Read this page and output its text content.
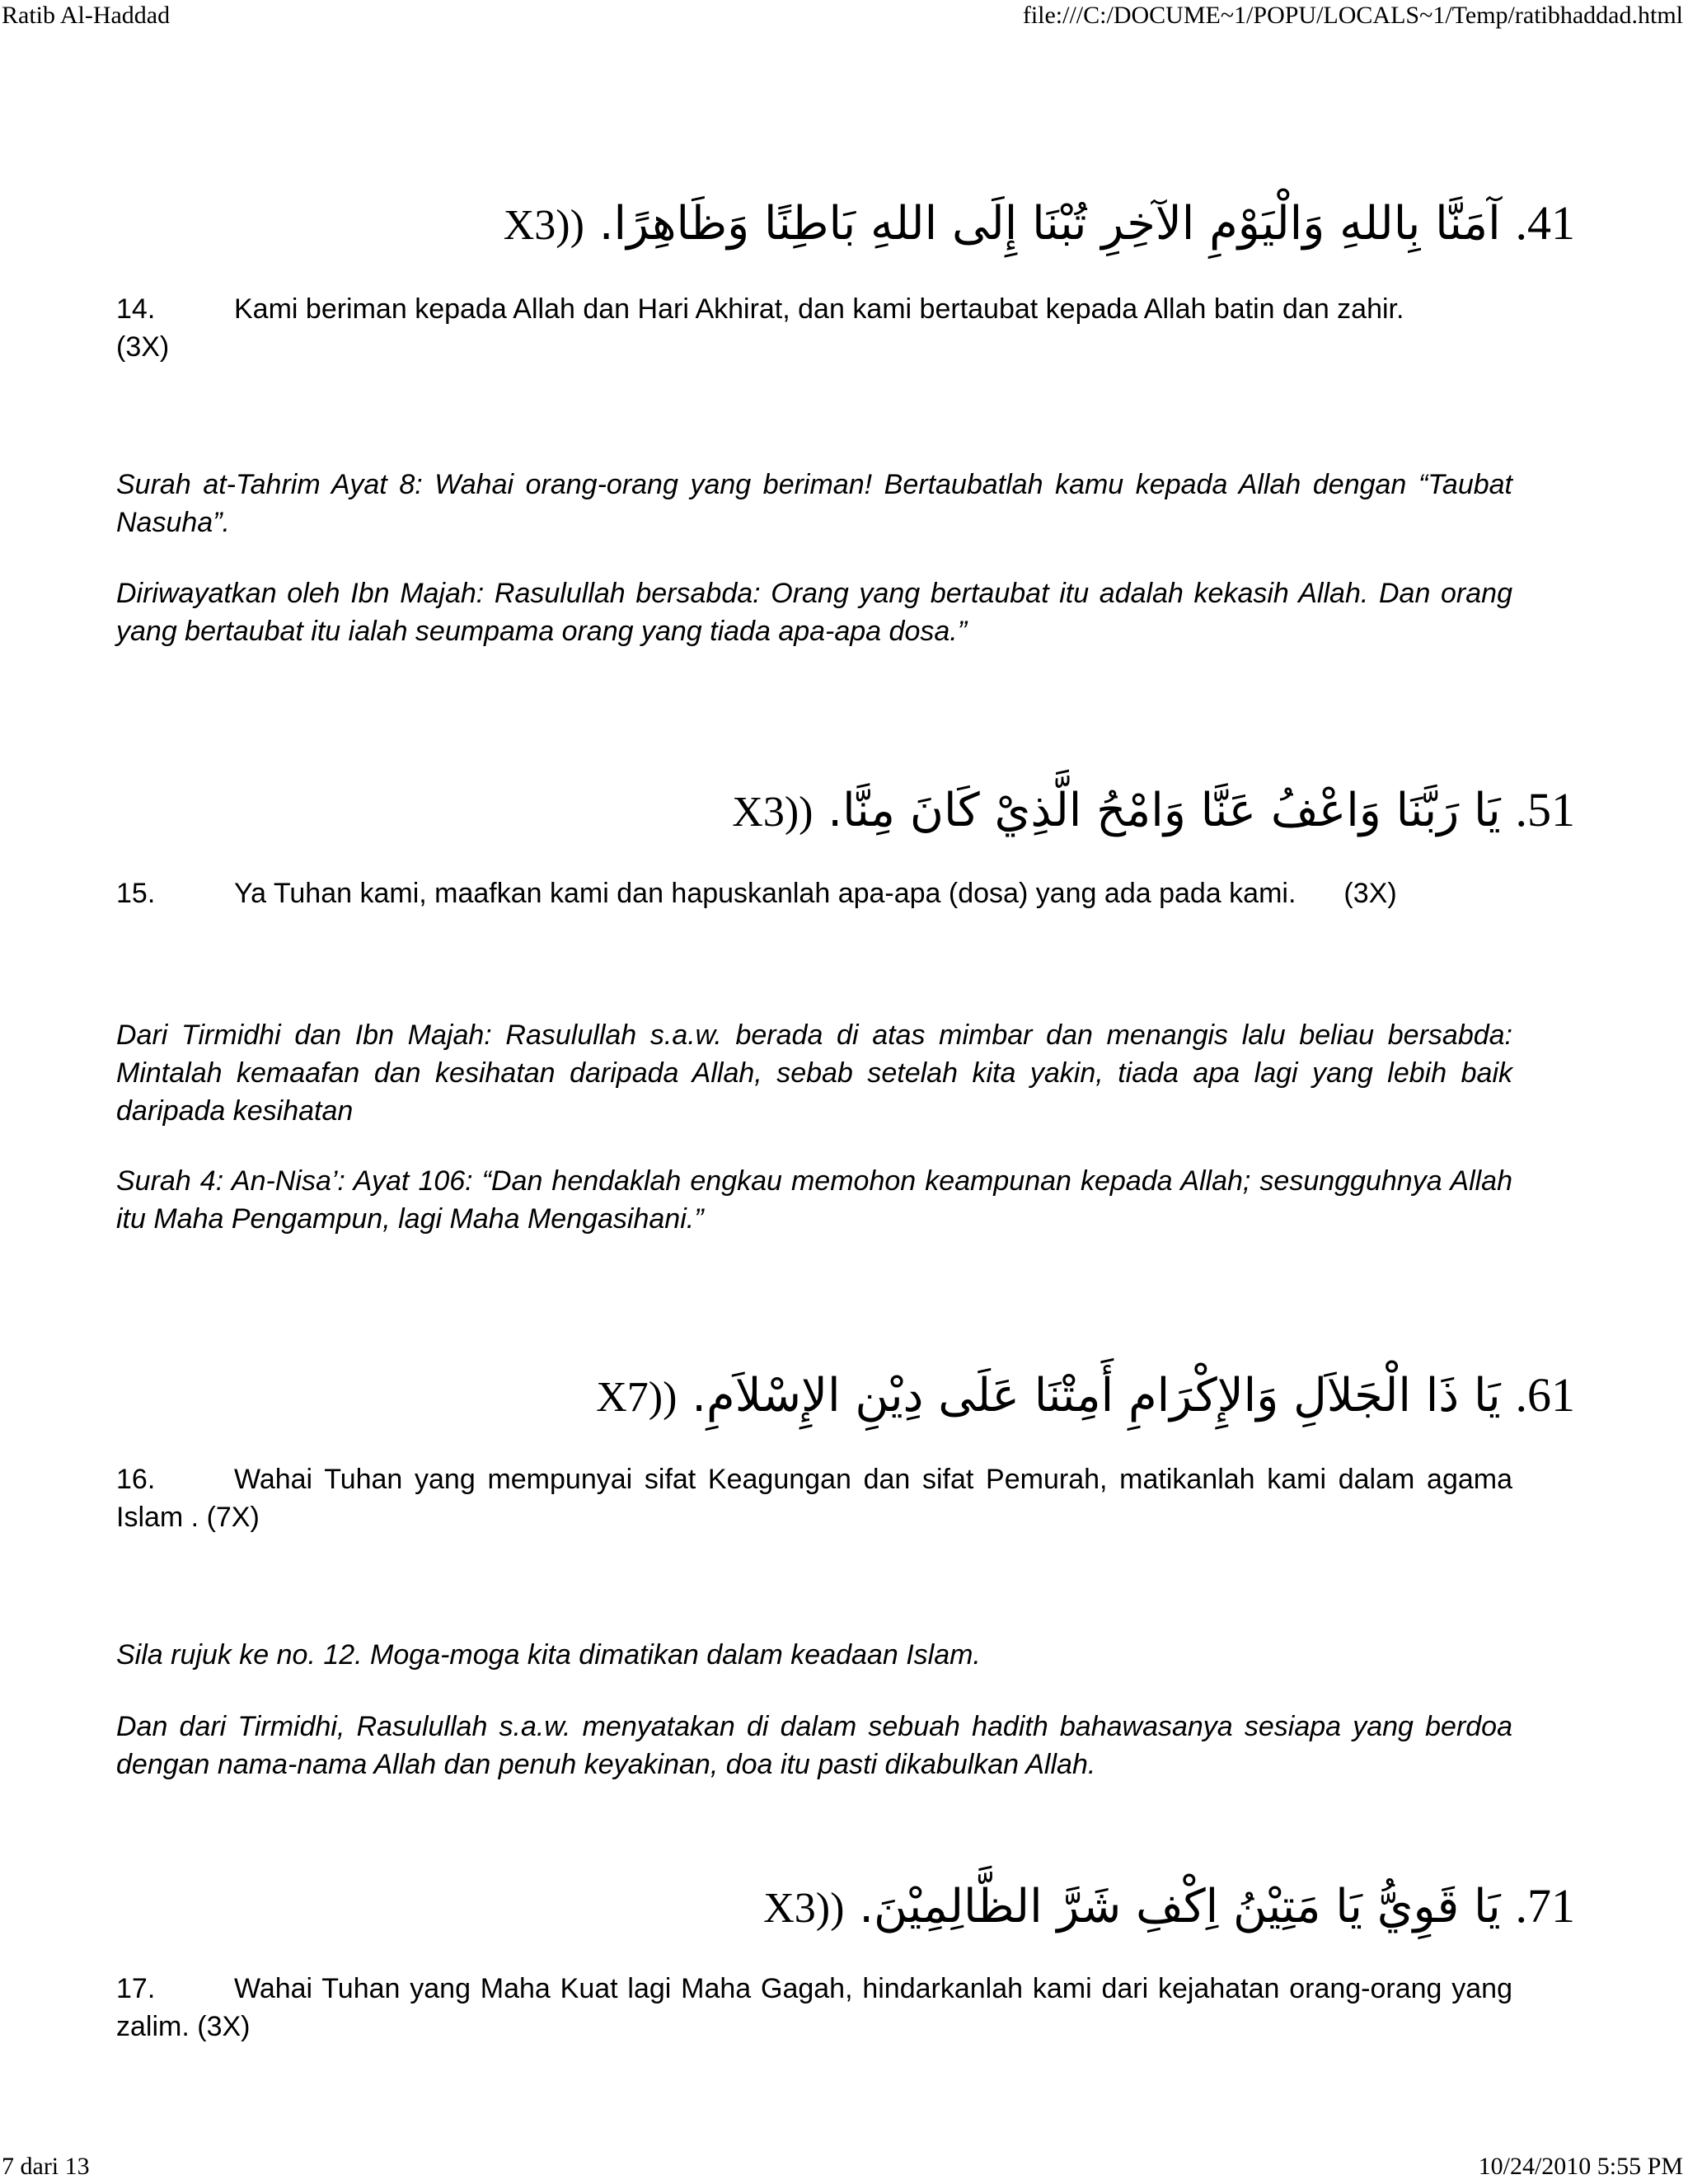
Ratib Al-Haddad	file:///C:/DOCUME~1/POPU/LOCALS~1/Temp/ratibhaddad.html
14. آمَنَّا بِاللهِ وَالْيَوْمِ الآخِرِ تُبْنَا إِلَى اللهِ بَاطِنًا وَظَاهِرًا. ((3X
14.	Kami beriman kepada Allah dan Hari Akhirat, dan kami bertaubat kepada Allah batin dan zahir.
(3X)
Surah at-Tahrim Ayat 8: Wahai orang-orang yang beriman! Bertaubatlah kamu kepada Allah dengan “Taubat Nasuha”.
Diriwayatkan oleh Ibn Majah: Rasulullah bersabda: Orang yang bertaubat itu adalah kekasih Allah. Dan orang yang bertaubat itu ialah seumpama orang yang tiada apa-apa dosa.”
15. يَا رَبَّنَا وَاعْفُ عَنَّا وَامْحُ الَّذِيْ كَانَ مِنَّا. ((3X
15.	Ya Tuhan kami, maafkan kami dan hapuskanlah apa-apa (dosa) yang ada pada kami. (3X)
Dari Tirmidhi dan Ibn Majah: Rasulullah s.a.w. berada di atas mimbar dan menangis lalu beliau bersabda: Mintalah kemaafan dan kesihatan daripada Allah, sebab setelah kita yakin, tiada apa lagi yang lebih baik daripada kesihatan
Surah 4: An-Nisa’: Ayat 106: “Dan hendaklah engkau memohon keampunan kepada Allah; sesungguhnya Allah itu Maha Pengampun, lagi Maha Mengasihani.”
16. يَا ذَا الْجَلاَلِ وَالإِكْرَامِ أَمِتْنَا عَلَى دِيْنِ الإِسْلاَمِ. ((7X
16.	Wahai Tuhan yang mempunyai sifat Keagungan dan sifat Pemurah, matikanlah kami dalam agama Islam . (7X)
Sila rujuk ke no. 12. Moga-moga kita dimatikan dalam keadaan Islam.
Dan dari Tirmidhi, Rasulullah s.a.w. menyatakan di dalam sebuah hadith bahawasanya sesiapa yang berdoa dengan nama-nama Allah dan penuh keyakinan, doa itu pasti dikabulkan Allah.
17. يَا قَوِيُّ يَا مَتِيْنُ اِكْفِ شَرَّ الظَّالِمِيْنَ. ((3X
17.	Wahai Tuhan yang Maha Kuat lagi Maha Gagah, hindarkanlah kami dari kejahatan orang-orang yang zalim. (3X)
7 dari 13	10/24/2010 5:55 PM
